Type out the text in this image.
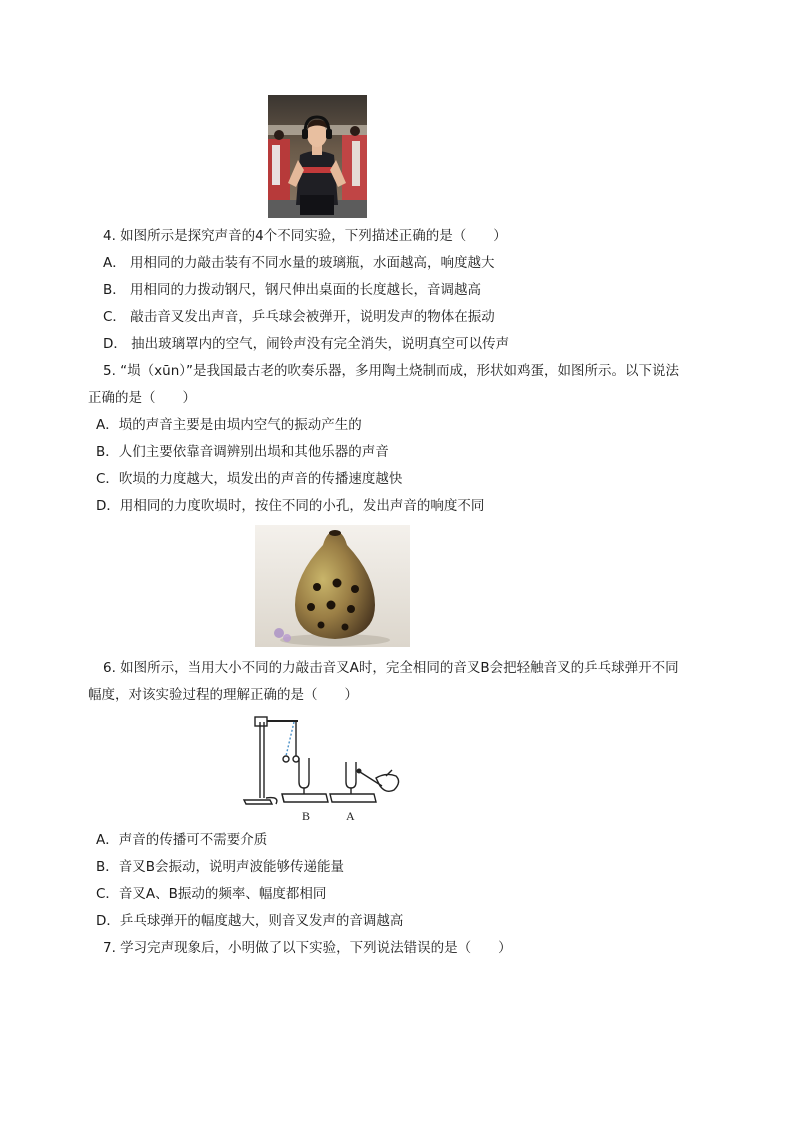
4. 如图所示是探究声音的4个不同实验，下列描述正确的是（　　）
A． 用相同的力敲击装有不同水量的玻璃瓶，水面越高，响度越大
B． 用相同的力拨动钢尺，钢尺伸出桌面的长度越长，音调越高
C． 敲击音叉发出声音，乒乓球会被弹开，说明发声的物体在振动
D． 抽出玻璃罩内的空气，闹铃声没有完全消失，说明真空可以传声
5. “埙（xūn）”是我国最古老的吹奏乐器，多用陶土烧制而成，形状如鸡蛋，如图所示。以下说法
正确的是（　　）
A．埙的声音主要是由埙内空气的振动产生的
B．人们主要依靠音调辨别出埙和其他乐器的声音
C．吹埙的力度越大，埙发出的声音的传播速度越快
D．用相同的力度吹埙时，按住不同的小孔，发出声音的响度不同
6. 如图所示，当用大小不同的力敲击音叉A时，完全相同的音叉B会把轻触音叉的乒乓球弹开不同
幅度，对该实验过程的理解正确的是（　　）
B	A
A．声音的传播可不需要介质
B．音叉B会振动，说明声波能够传递能量
C．音叉A、B振动的频率、幅度都相同
D．乒乓球弹开的幅度越大，则音叉发声的音调越高
7. 学习完声现象后，小明做了以下实验，下列说法错误的是（　　）
